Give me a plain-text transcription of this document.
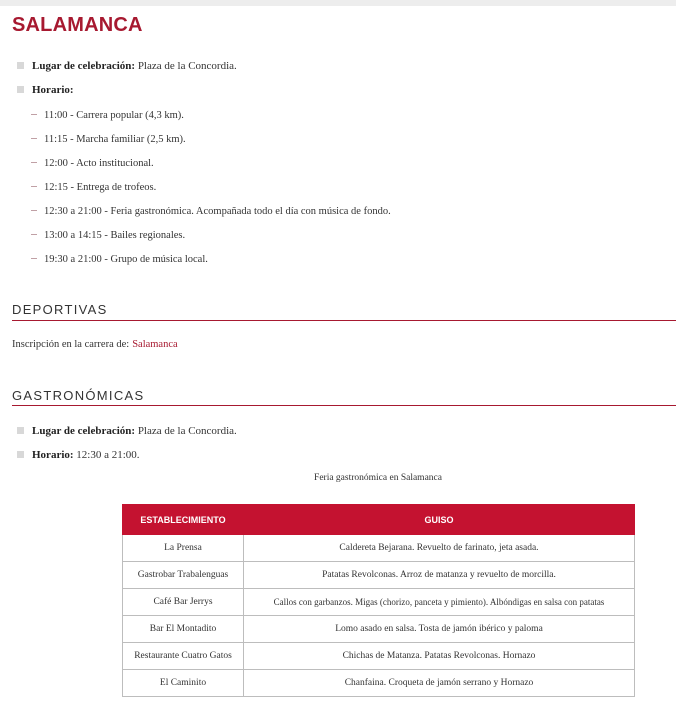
SALAMANCA
Lugar de celebración: Plaza de la Concordia.
Horario:
11:00 - Carrera popular (4,3 km).
11:15 - Marcha familiar (2,5 km).
12:00 - Acto institucional.
12:15 - Entrega de trofeos.
12:30 a 21:00 - Feria gastronómica. Acompañada todo el día con música de fondo.
13:00 a 14:15 - Bailes regionales.
19:30 a 21:00 - Grupo de música local.
DEPORTIVAS
Inscripción en la carrera de: Salamanca
GASTRONÓMICAS
Lugar de celebración: Plaza de la Concordia.
Horario: 12:30 a 21:00.
Feria gastronómica en Salamanca
ESTABLECIMIENTO	GUISO
La Prensa	Caldereta Bejarana. Revuelto de farinato, jeta asada.
Gastrobar Trabalenguas	Patatas Revolconas. Arroz de matanza y revuelto de morcilla.
Café Bar Jerrys	Callos con garbanzos. Migas (chorizo, panceta y pimiento). Albóndigas en salsa con patatas
Bar El Montadito	Lomo asado en salsa. Tosta de jamón ibérico y paloma
Restaurante Cuatro Gatos	Chichas de Matanza. Patatas Revolconas. Hornazo
El Caminito	Chanfaina. Croqueta de jamón serrano y Hornazo
